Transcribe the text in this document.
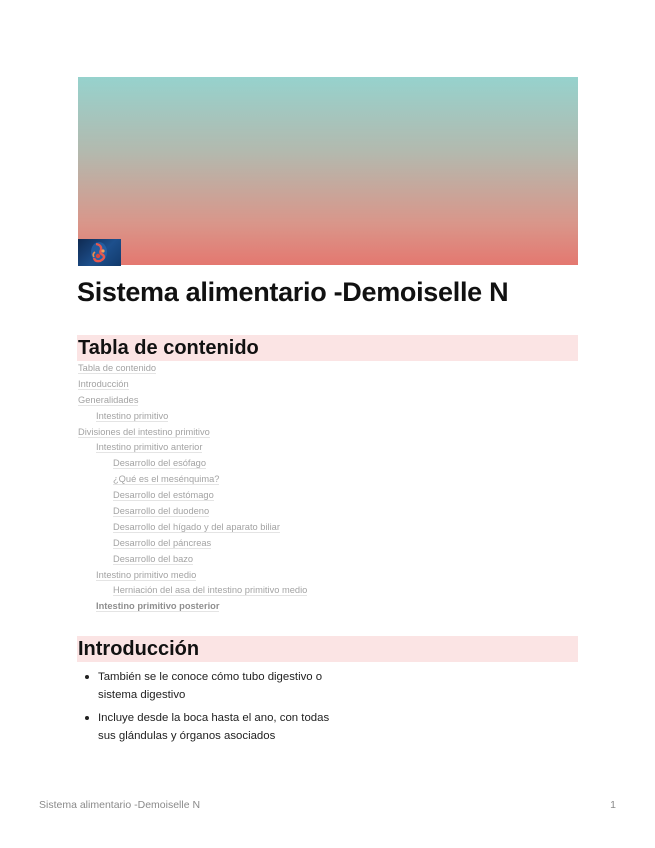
Sistema alimentario -Demoiselle N
Tabla de contenido
Tabla de contenido
Introducción
Generalidades
Intestino primitivo
Divisiones del intestino primitivo
Intestino primitivo anterior
Desarrollo del esófago
¿Qué es el mesénquima?
Desarrollo del estómago
Desarrollo del duodeno
Desarrollo del hígado y del aparato biliar
Desarrollo del páncreas
Desarrollo del bazo
Intestino primitivo medio
Herniación del asa del intestino primitivo medio
Intestino primitivo posterior
Introducción
También se le conoce cómo tubo digestivo o sistema digestivo
Incluye desde la boca hasta el ano, con todas sus glándulas y órganos asociados
Sistema alimentario -Demoiselle N	1
